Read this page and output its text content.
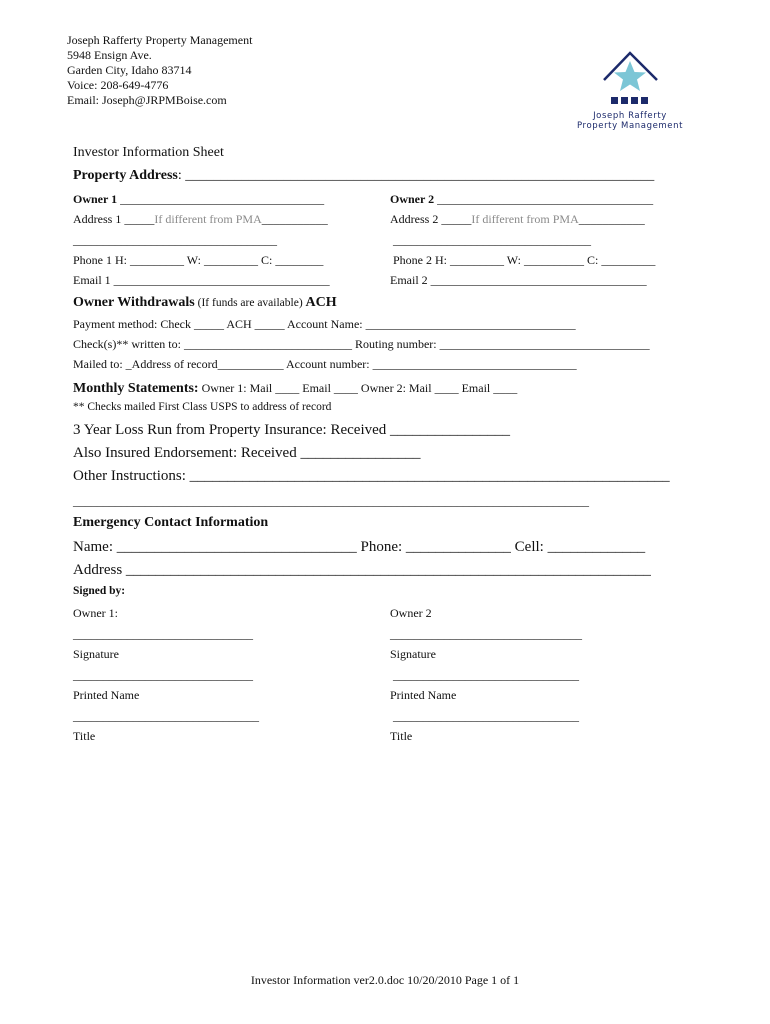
Joseph Rafferty Property Management
5948 Ensign Ave.
Garden City, Idaho 83714
Voice: 208-649-4776
Email: Joseph@JRPMBoise.com
Joseph Rafferty
Property Management
Investor Information Sheet
Property Address: ___________________________________________________________________
Owner 1 __________________________________	Owner 2 ____________________________________
Address 1 _____If different from PMA___________	Address 2 _____If different from PMA___________
__________________________________	_________________________________
Phone 1 H: _________ W: _________ C: ________	Phone 2 H: _________ W: __________ C: _________
Email 1 ____________________________________	Email 2 ____________________________________
Owner Withdrawals (If funds are available) ACH
Payment method: Check _____ ACH _____ Account Name: ___________________________________
Check(s)** written to: ____________________________ Routing number: ___________________________________
Mailed to: _Address of record___________ Account number: __________________________________
Monthly Statements: Owner 1: Mail ____ Email ____ Owner 2: Mail ____ Email ____
** Checks mailed First Class USPS to address of record
3 Year Loss Run from Property Insurance: Received ________________
Also Insured Endorsement: Received ________________
Other Instructions: ________________________________________________________________
______________________________________________________________________________________
Emergency Contact Information
Name: ________________________________ Phone: ______________ Cell: _____________
Address ______________________________________________________________________
Signed by:
Owner 1:	Owner 2
______________________________	________________________________
Signature	Signature
______________________________	_______________________________
Printed Name	Printed Name
_______________________________	_______________________________
Title	Title
Investor Information ver2.0.doc 10/20/2010 Page 1 of 1
